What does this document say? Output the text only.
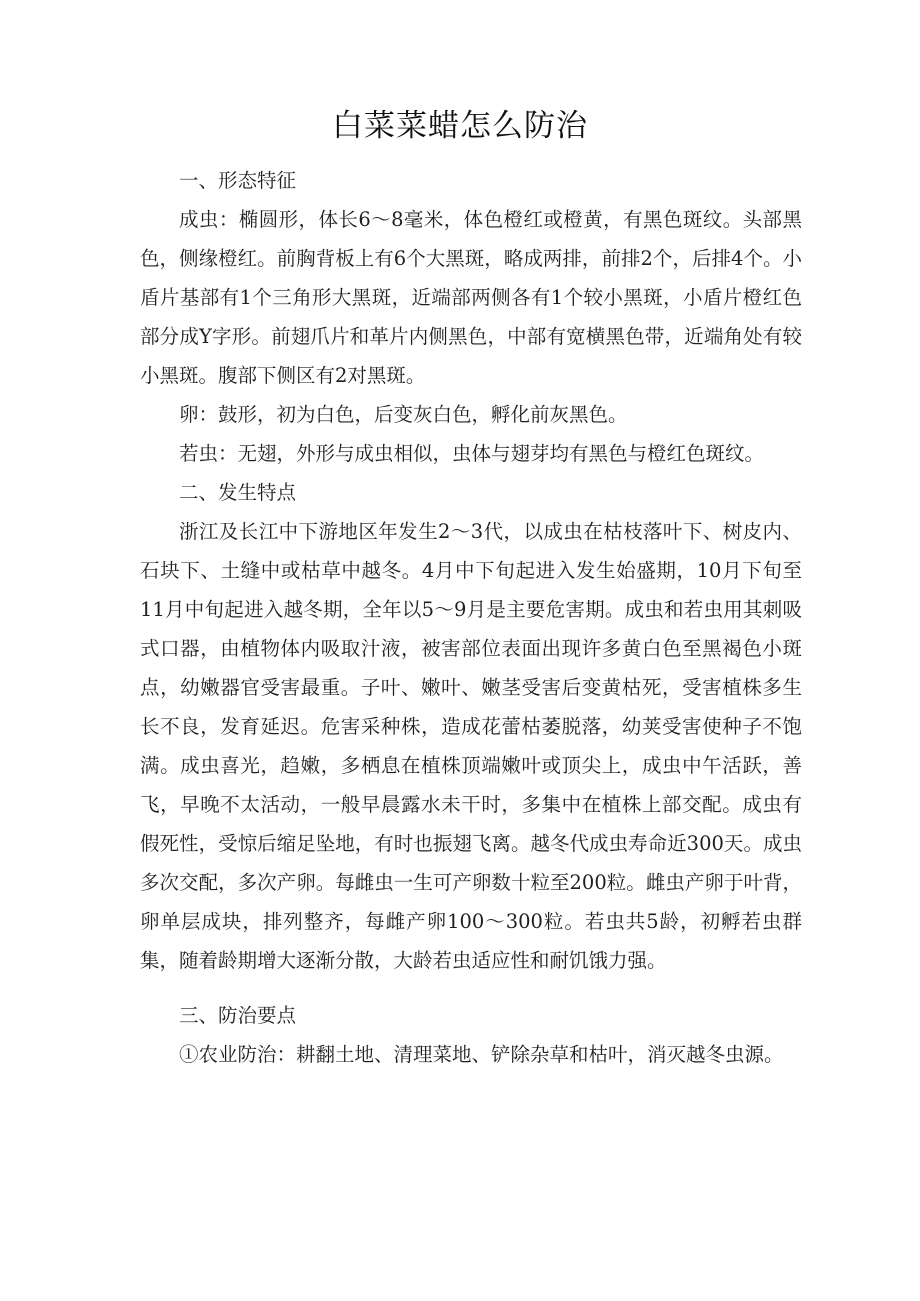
白菜菜蜡怎么防治

一、形态特征

成虫：椭圆形，体长6～8毫米，体色橙红或橙黄，有黑色斑纹。头部黑色，侧缘橙红。前胸背板上有6个大黑斑，略成两排，前排2个，后排4个。小盾片基部有1个三角形大黑斑，近端部两侧各有1个较小黑斑，小盾片橙红色部分成Y字形。前翅爪片和革片内侧黑色，中部有宽横黑色带，近端角处有较小黑斑。腹部下侧区有2对黑斑。

卵：鼓形，初为白色，后变灰白色，孵化前灰黑色。

若虫：无翅，外形与成虫相似，虫体与翅芽均有黑色与橙红色斑纹。

二、发生特点

浙江及长江中下游地区年发生2～3代，以成虫在枯枝落叶下、树皮内、石块下、土缝中或枯草中越冬。4月中下旬起进入发生始盛期，10月下旬至11月中旬起进入越冬期，全年以5～9月是主要危害期。成虫和若虫用其刺吸式口器，由植物体内吸取汁液，被害部位表面出现许多黄白色至黑褐色小斑点，幼嫩器官受害最重。子叶、嫩叶、嫩茎受害后变黄枯死，受害植株多生长不良，发育延迟。危害采种株，造成花蕾枯萎脱落，幼荚受害使种子不饱满。成虫喜光，趋嫩，多栖息在植株顶端嫩叶或顶尖上，成虫中午活跃，善飞，早晚不太活动，一般早晨露水未干时，多集中在植株上部交配。成虫有假死性，受惊后缩足坠地，有时也振翅飞离。越冬代成虫寿命近300天。成虫多次交配，多次产卵。每雌虫一生可产卵数十粒至200粒。雌虫产卵于叶背，卵单层成块，排列整齐，每雌产卵100～300粒。若虫共5龄，初孵若虫群集，随着龄期增大逐渐分散，大龄若虫适应性和耐饥饿力强。

三、防治要点

①农业防治：耕翻土地、清理菜地、铲除杂草和枯叶，消灭越冬虫源。
